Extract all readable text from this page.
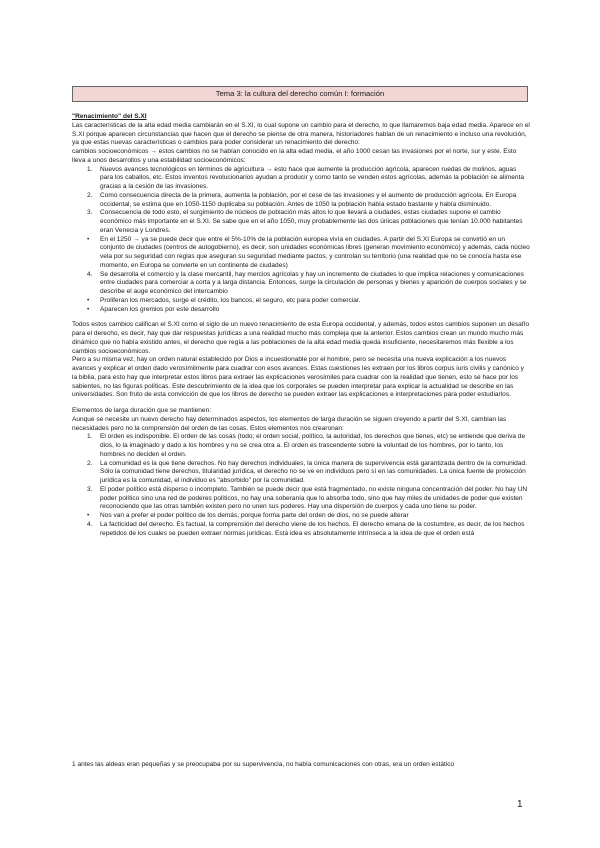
Tema 3: la cultura del derecho común I: formación

"Renacimiento" del S.XI

Las características de la alta edad media cambiarán en el S.XI, lo cual supone un cambio para el derecho, lo que llamaremos baja edad media. Aparece en el S.XI porque aparecen circunstancias que hacen que el derecho se piense de otra manera, historiadores hablan de un renacimiento e incluso una revolución, ya que estas nuevas características o cambios para poder considerar un renacimiento del derecho:

cambios socioeconómicos → estos cambios no se habían conocido en la alta edad media, el año 1000 cesan las invasiones por el norte, sur y este. Esto lleva a unos desarrollos y una estabilidad socioeconómicos:

1. Nuevos avances tecnológicos en términos de agricultura → esto hace que aumente la producción agrícola, aparecen ruedas de molinos, aguas para los caballos, etc. Estos inventos revolucionarios ayudan a producir y como tanto se venden estos agrícolas, además la población se alimenta gracias a la cesión de las invasiones.
2. Como consecuencia directa de la primera, aumenta la población, por el cese de las invasiones y el aumento de producción agrícola. En Europa occidental, se estima que en 1050-1150 duplicaba su población. Antes de 1050 la población había estado bastante y había disminuido.
3. Consecuencia de todo esto, el surgimiento de núcleos de población más altos lo que llevará a ciudades, estas ciudades supone el cambio económico más importante en el S.XI. Se sabe que en el año 1050, muy probablemente las dos únicas poblaciones que tenían 10.000 habitantes eran Venecia y Londres.
• En el 1250 → ya se puede decir que entre el 5%-10% de la población europea vivía en ciudades. A partir del S.XI Europa se convirtió en un conjunto de ciudades (centros de autogobierno), es decir, son unidades económicas libres (generan movimiento económico) y además, cada núcleo vela por su seguridad con reglas que aseguran su seguridad mediante pactos, y controlan su territorio (una realidad que no se conocía hasta ese momento, en Europa se convierte en un continente de ciudades)
4. Se desarrolla el comercio y la clase mercantil, hay mercios agrícolas y hay un incremento de ciudades lo que implica relaciones y comunicaciones entre ciudades para comerciar a corta y a larga distancia. Entonces, surge la circulación de personas y bienes y aparición de cuerpos sociales y se describe el auge económico del intercambio
• Proliferan los mercados, surge el crédito, los bancos, el seguro, etc para poder comerciar.
• Aparecen los gremios por este desarrollo

Todos estos cambios califican el S.XI como el siglo de un nuevo renacimiento de esta Europa occidental, y además, todos estos cambios suponen un desafío para el derecho, es decir, hay que dar respuestas jurídicas a una realidad mucho más compleja que la anterior. Estos cambios crean un mundo mucho más dinámico que no había existido antes, el derecho que regía a las poblaciones de la alta edad media queda insuficiente, necesitaremos más flexible a los cambios socioeconómicos.

Pero a su misma vez, hay un orden natural establecido por Dios e incuestionable por el hombre, pero se necesita una nueva explicación a los nuevos avances y explicar el orden dado verosímilmente para cuadrar con esos avances. Estas cuestiones les extraen por los libros corpus iuris civilis y canónico y la biblia, para esto hay que interpretar estos libros para extraer las explicaciones verosímiles para cuadrar con la realidad que tienen, esto se hace por los sabientes, no las figuras políticas. Este descubrimiento de la idea que los corporales se pueden interpretar para explicar la actualidad se describe en las universidades. Son fruto de esta convicción de que los libros de derecho se pueden extraer las explicaciones e interpretaciones para poder estudiarlos.

Elementos de larga duración que se mantienen:

Aunque se necesite un nuevo derecho hay determinados aspectos, los elementos de larga duración se siguen creyendo a partir del S.XI, cambian las necesidades pero no la comprensión del orden de las cosas. Estos elementos nos crearonan:

1. El orden es indisponible. El orden de las cosas (todo; el orden social, político, la autoridad, los derechos que tienes, etc) se entiende que deriva de dios, lo la imaginado y dado a los hombres y no se crea otra a. El orden es trascendente sobre la voluntad de los hombres, por lo tanto, los hombres no deciden el orden.
2. La comunidad es la que tiene derechos. No hay derechos individuales, la única manera de supervivencia está garantizada dentro de la comunidad. Sólo la comunidad tiene derechos, titularidad jurídica, el derecho no se ve en individuos pero sí en las comunidades. La única fuente de protección jurídica es la comunidad, el individuo es "absorbido" por la comunidad.
3. El poder político está disperso o incompleto. También se puede decir que está fragmentado, no existe ninguna concentración del poder. No hay UN poder político sino una red de poderes políticos, no hay una soberanía que lo absorba todo, sino que hay miles de unidades de poder que existen reconociendo que las otras también existen pero no unen sus poderes. Hay una dispersión de cuerpos y cada uno tiene su poder.
• Nos van a prefer el poder político de los demás, porque forma parte del orden de dios, no se puede alterar
4. La facticidad del derecho. Es factual, la comprensión del derecho viene de los hechos. El derecho emana de la costumbre, es decir, de los hechos repetidos de los cuales se pueden extraer normas jurídicas. Está idea es absolutamente intrínseca a la idea de que el orden está
1 antes las aldeas eran pequeñas y se preocupaba por su supervivencia, no había comunicaciones con otras, era un orden estático
1
